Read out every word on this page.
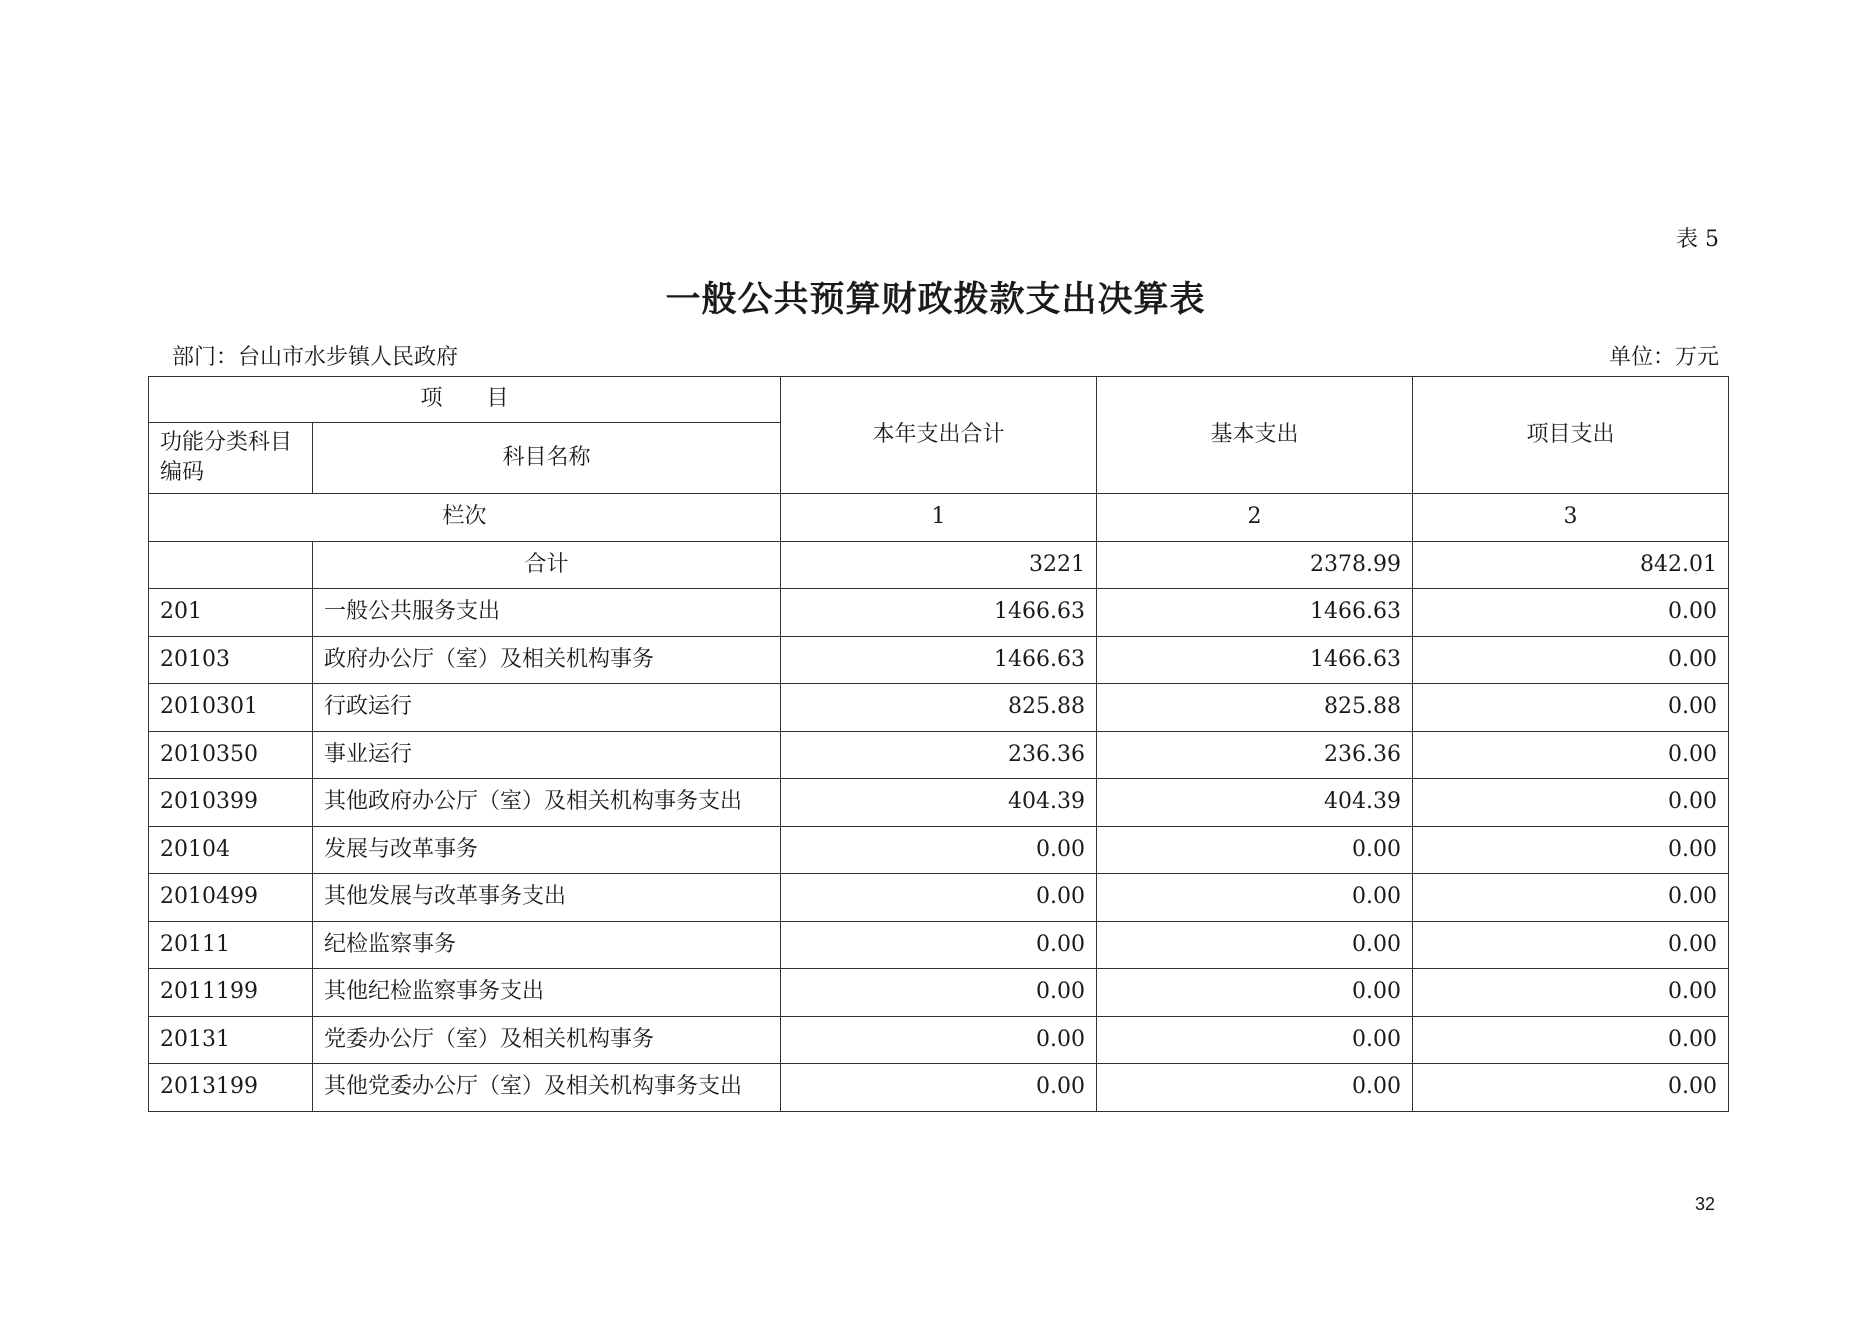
表 5
一般公共预算财政拨款支出决算表
部门：台山市水步镇人民政府	单位：万元
项　　目		本年支出合计	基本支出	项目支出
功能分类科目编码	科目名称			
栏次		1	2	3
	合计	3221	2378.99	842.01
201	一般公共服务支出	1466.63	1466.63	0.00
20103	政府办公厅（室）及相关机构事务	1466.63	1466.63	0.00
2010301	行政运行	825.88	825.88	0.00
2010350	事业运行	236.36	236.36	0.00
2010399	其他政府办公厅（室）及相关机构事务支出	404.39	404.39	0.00
20104	发展与改革事务	0.00	0.00	0.00
2010499	其他发展与改革事务支出	0.00	0.00	0.00
20111	纪检监察事务	0.00	0.00	0.00
2011199	其他纪检监察事务支出	0.00	0.00	0.00
20131	党委办公厅（室）及相关机构事务	0.00	0.00	0.00
2013199	其他党委办公厅（室）及相关机构事务支出	0.00	0.00	0.00
32
